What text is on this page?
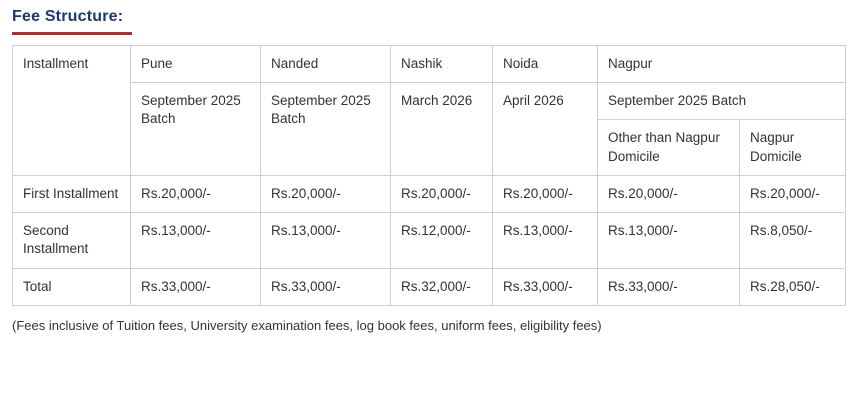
Fee Structure:
Installment	Pune	Nanded	Nashik	Noida	Nagpur	
	September 2025 Batch	September 2025 Batch	March 2026	April 2026	September 2025 Batch	
					Other than Nagpur Domicile	Nagpur Domicile
First Installment	Rs.20,000/-	Rs.20,000/-	Rs.20,000/-	Rs.20,000/-	Rs.20,000/-	Rs.20,000/-
Second Installment	Rs.13,000/-	Rs.13,000/-	Rs.12,000/-	Rs.13,000/-	Rs.13,000/-	Rs.8,050/-
Total	Rs.33,000/-	Rs.33,000/-	Rs.32,000/-	Rs.33,000/-	Rs.33,000/-	Rs.28,050/-
(Fees inclusive of Tuition fees, University examination fees, log book fees, uniform fees, eligibility fees)
